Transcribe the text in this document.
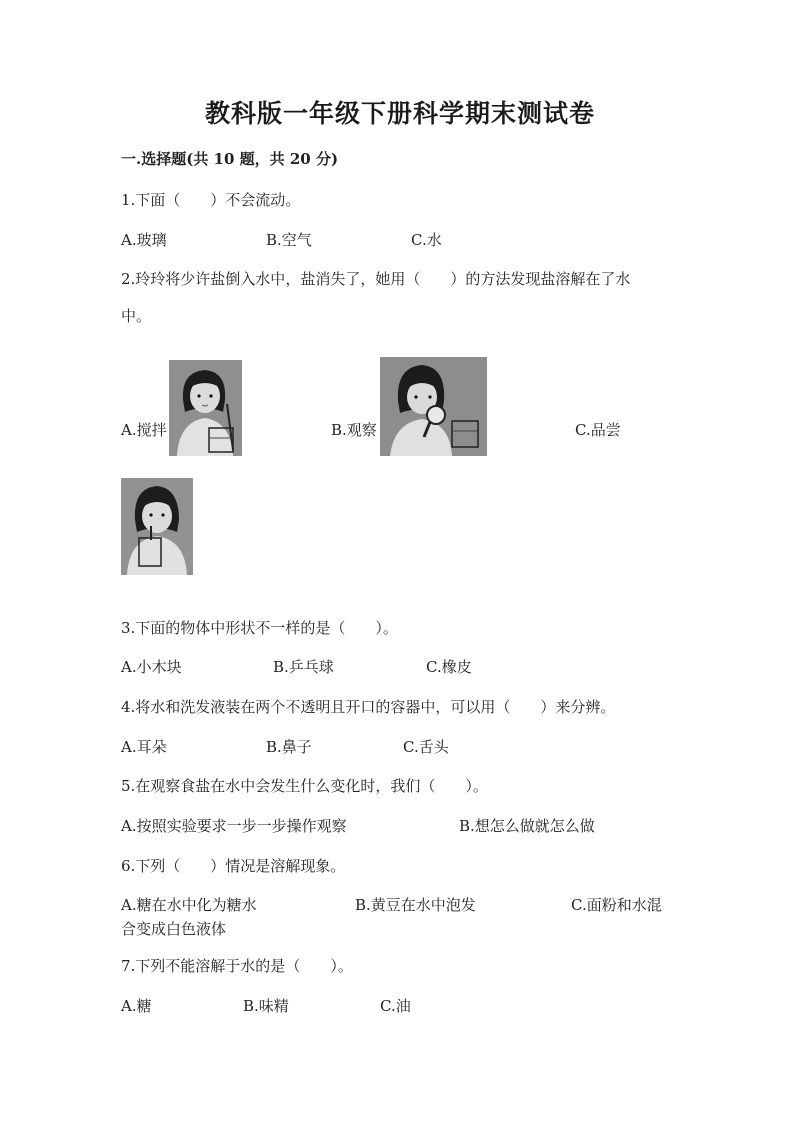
教科版一年级下册科学期末测试卷
一.选择题(共 10 题，共 20 分)
1.下面（　　）不会流动。
A.玻璃	B.空气	C.水
2.玲玲将少许盐倒入水中，盐消失了，她用（　　）的方法发现盐溶解在了水
中。
A.搅拌	B.观察	C.品尝
3.下面的物体中形状不一样的是（　　）。
A.小木块	B.乒乓球	C.橡皮
4.将水和洗发液装在两个不透明且开口的容器中，可以用（　　）来分辨。
A.耳朵	B.鼻子	C.舌头
5.在观察食盐在水中会发生什么变化时，我们（　　）。
A.按照实验要求一步一步操作观察	B.想怎么做就怎么做
6.下列（　　）情况是溶解现象。
A.糖在水中化为糖水	B.黄豆在水中泡发	C.面粉和水混
合变成白色液体
7.下列不能溶解于水的是（　　）。
A.糖	B.味精	C.油
